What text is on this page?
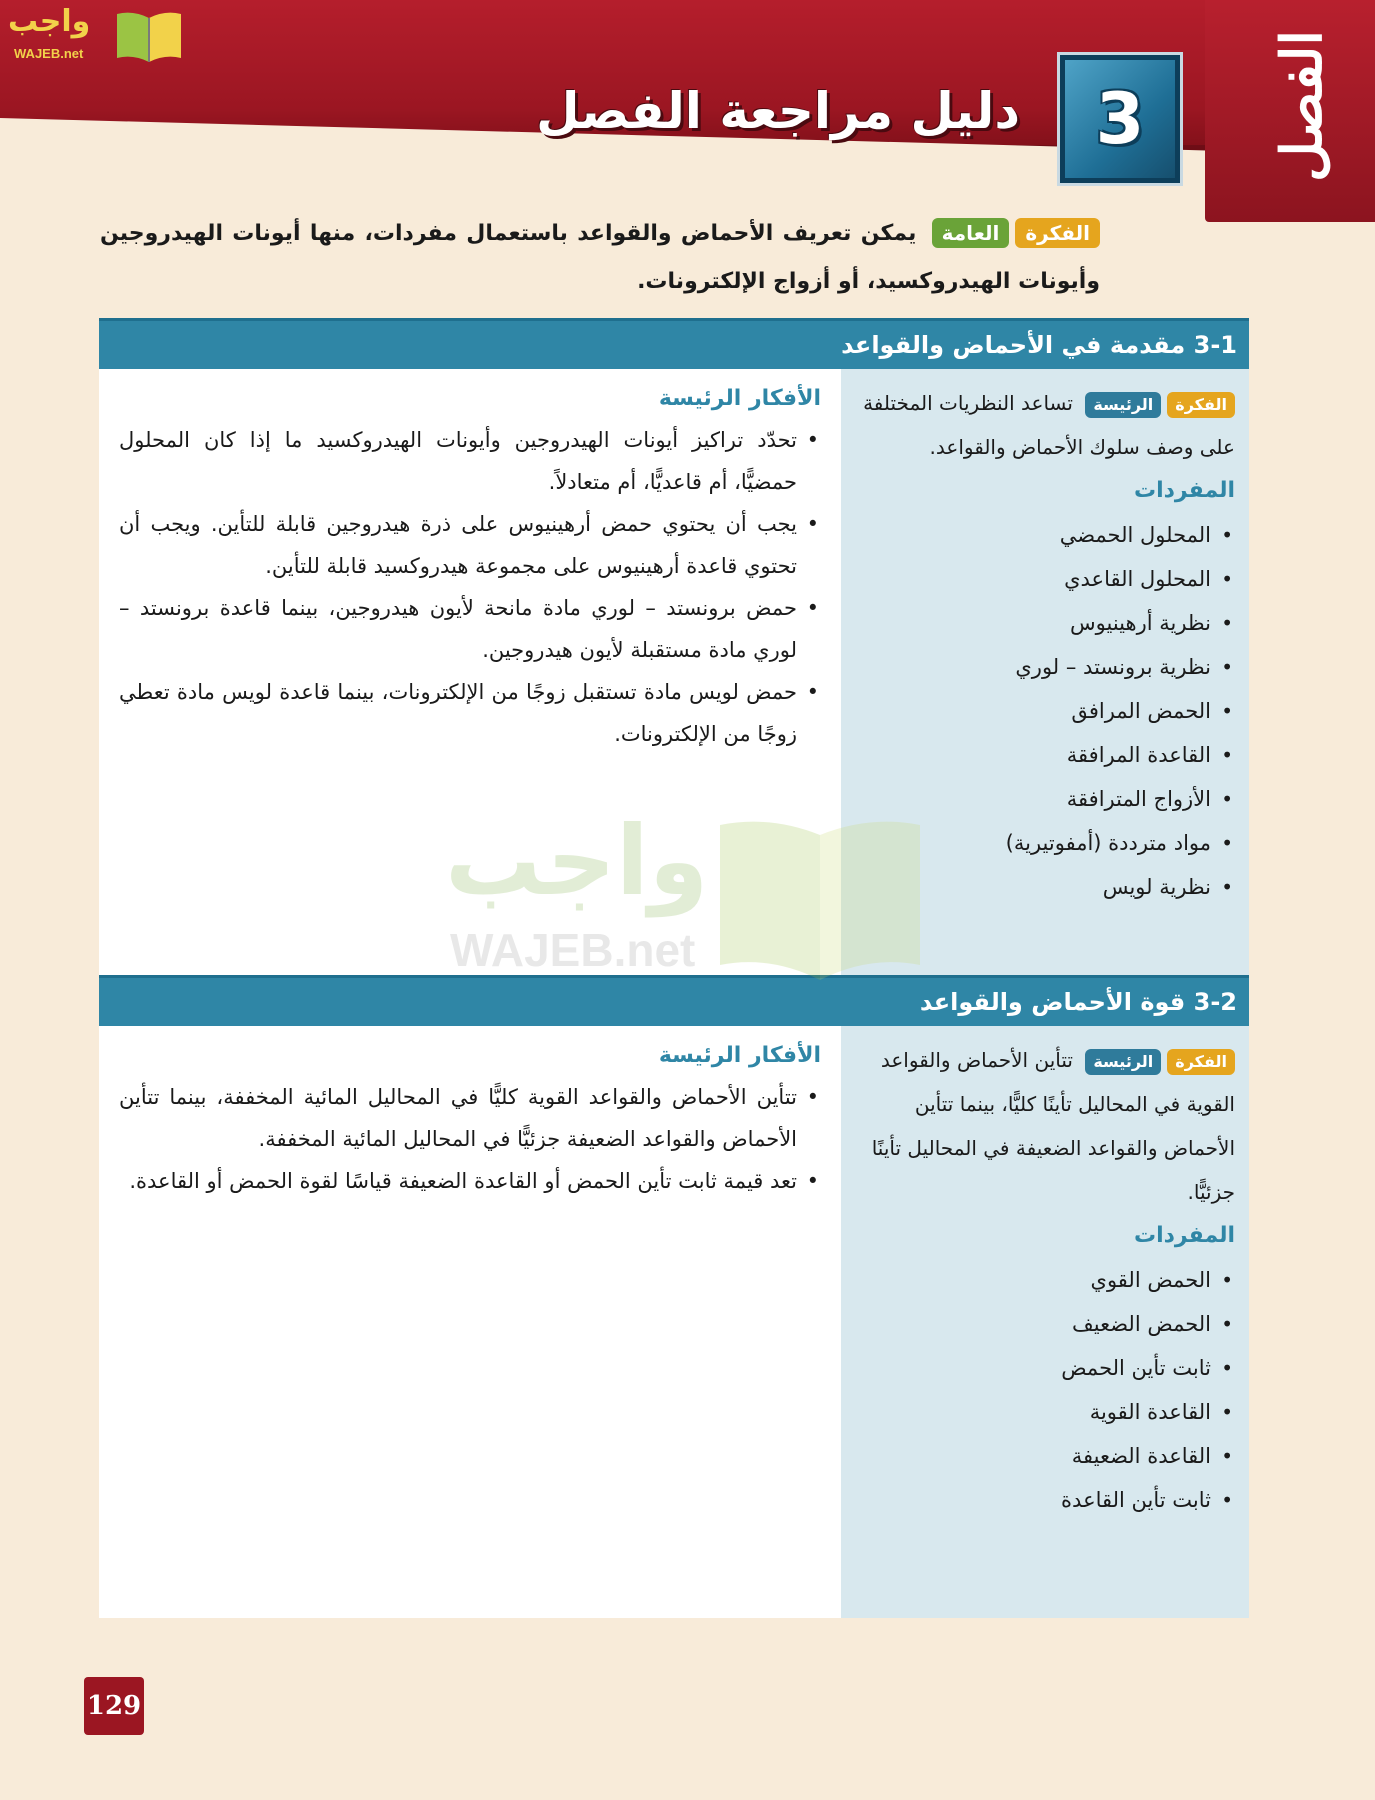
واجب
WAJEB.net	الفصل
3
دليل مراجعة الفصل
الفكرةالعامة يمكن تعريف الأحماض والقواعد باستعمال مفردات، منها أيونات الهيدروجين وأيونات الهيدروكسيد، أو أزواج الإلكترونات.
3-1 مقدمة في الأحماض والقواعد
الفكرةالرئيسة تساعد النظريات المختلفة على وصف سلوك الأحماض والقواعد.
المفردات
• المحلول الحمضي
• المحلول القاعدي
• نظرية أرهينيوس
• نظرية برونستد – لوري
• الحمض المرافق
• القاعدة المرافقة
• الأزواج المترافقة
• مواد مترددة (أمفوتيرية)
• نظرية لويس
الأفكار الرئيسة
• تحدّد تراكيز أيونات الهيدروجين وأيونات الهيدروكسيد ما إذا كان المحلول حمضيًّا، أم قاعديًّا، أم متعادلاً.
• يجب أن يحتوي حمض أرهينيوس على ذرة هيدروجين قابلة للتأين. ويجب أن تحتوي قاعدة أرهينيوس على مجموعة هيدروكسيد قابلة للتأين.
• حمض برونستد – لوري مادة مانحة لأيون هيدروجين، بينما قاعدة برونستد – لوري مادة مستقبلة لأيون هيدروجين.
• حمض لويس مادة تستقبل زوجًا من الإلكترونات، بينما قاعدة لويس مادة تعطي زوجًا من الإلكترونات.
3-2 قوة الأحماض والقواعد
الفكرةالرئيسة تتأين الأحماض والقواعد القوية في المحاليل تأينًا كليًّا، بينما تتأين الأحماض والقواعد الضعيفة في المحاليل تأينًا جزئيًّا.
المفردات
• الحمض القوي
• الحمض الضعيف
• ثابت تأين الحمض
• القاعدة القوية
• القاعدة الضعيفة
• ثابت تأين القاعدة
الأفكار الرئيسة
• تتأين الأحماض والقواعد القوية كليًّا في المحاليل المائية المخففة، بينما تتأين الأحماض والقواعد الضعيفة جزئيًّا في المحاليل المائية المخففة.
• تعد قيمة ثابت تأين الحمض أو القاعدة الضعيفة قياسًا لقوة الحمض أو القاعدة.
واجب
WAJEB.net
129
